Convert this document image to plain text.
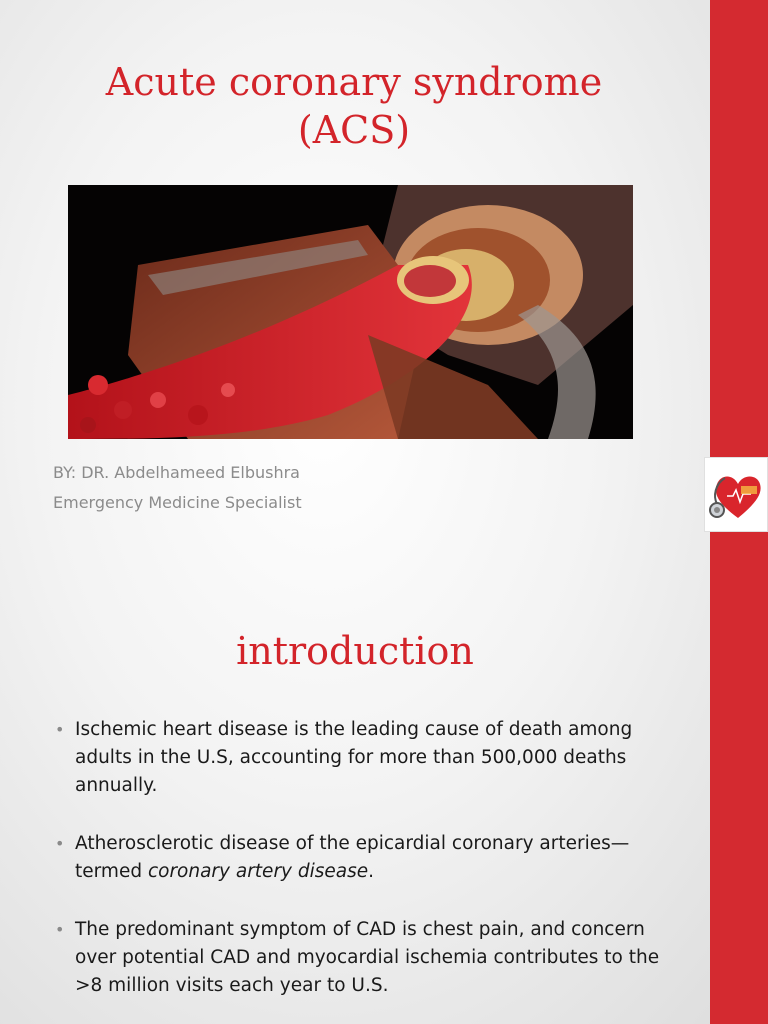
Acute coronary syndrome
(ACS)
BY: DR. Abdelhameed Elbushra
Emergency Medicine Specialist
introduction
• Ischemic heart disease is the leading cause of death among
adults in the U.S, accounting for more than 500,000 deaths
annually.
• Atherosclerotic disease of the epicardial coronary arteries—
termed coronary artery disease.
• The predominant symptom of CAD is chest pain, and concern
over potential CAD and myocardial ischemia contributes to the
>8 million visits each year to U.S.
